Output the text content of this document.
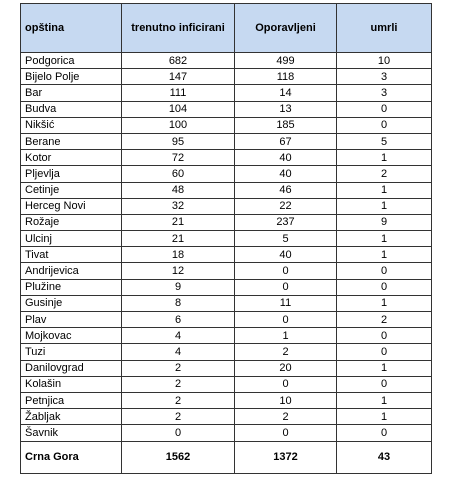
opština	trenutno inficirani	Oporavljeni	umrli
Podgorica	682	499	10
Bijelo Polje	147	118	3
Bar	111	14	3
Budva	104	13	0
Nikšić	100	185	0
Berane	95	67	5
Kotor	72	40	1
Pljevlja	60	40	2
Cetinje	48	46	1
Herceg Novi	32	22	1
Rožaje	21	237	9
Ulcinj	21	5	1
Tivat	18	40	1
Andrijevica	12	0	0
Plužine	9	0	0
Gusinje	8	11	1
Plav	6	0	2
Mojkovac	4	1	0
Tuzi	4	2	0
Danilovgrad	2	20	1
Kolašin	2	0	0
Petnjica	2	10	1
Žabljak	2	2	1
Šavnik	0	0	0
Crna Gora	1562	1372	43
